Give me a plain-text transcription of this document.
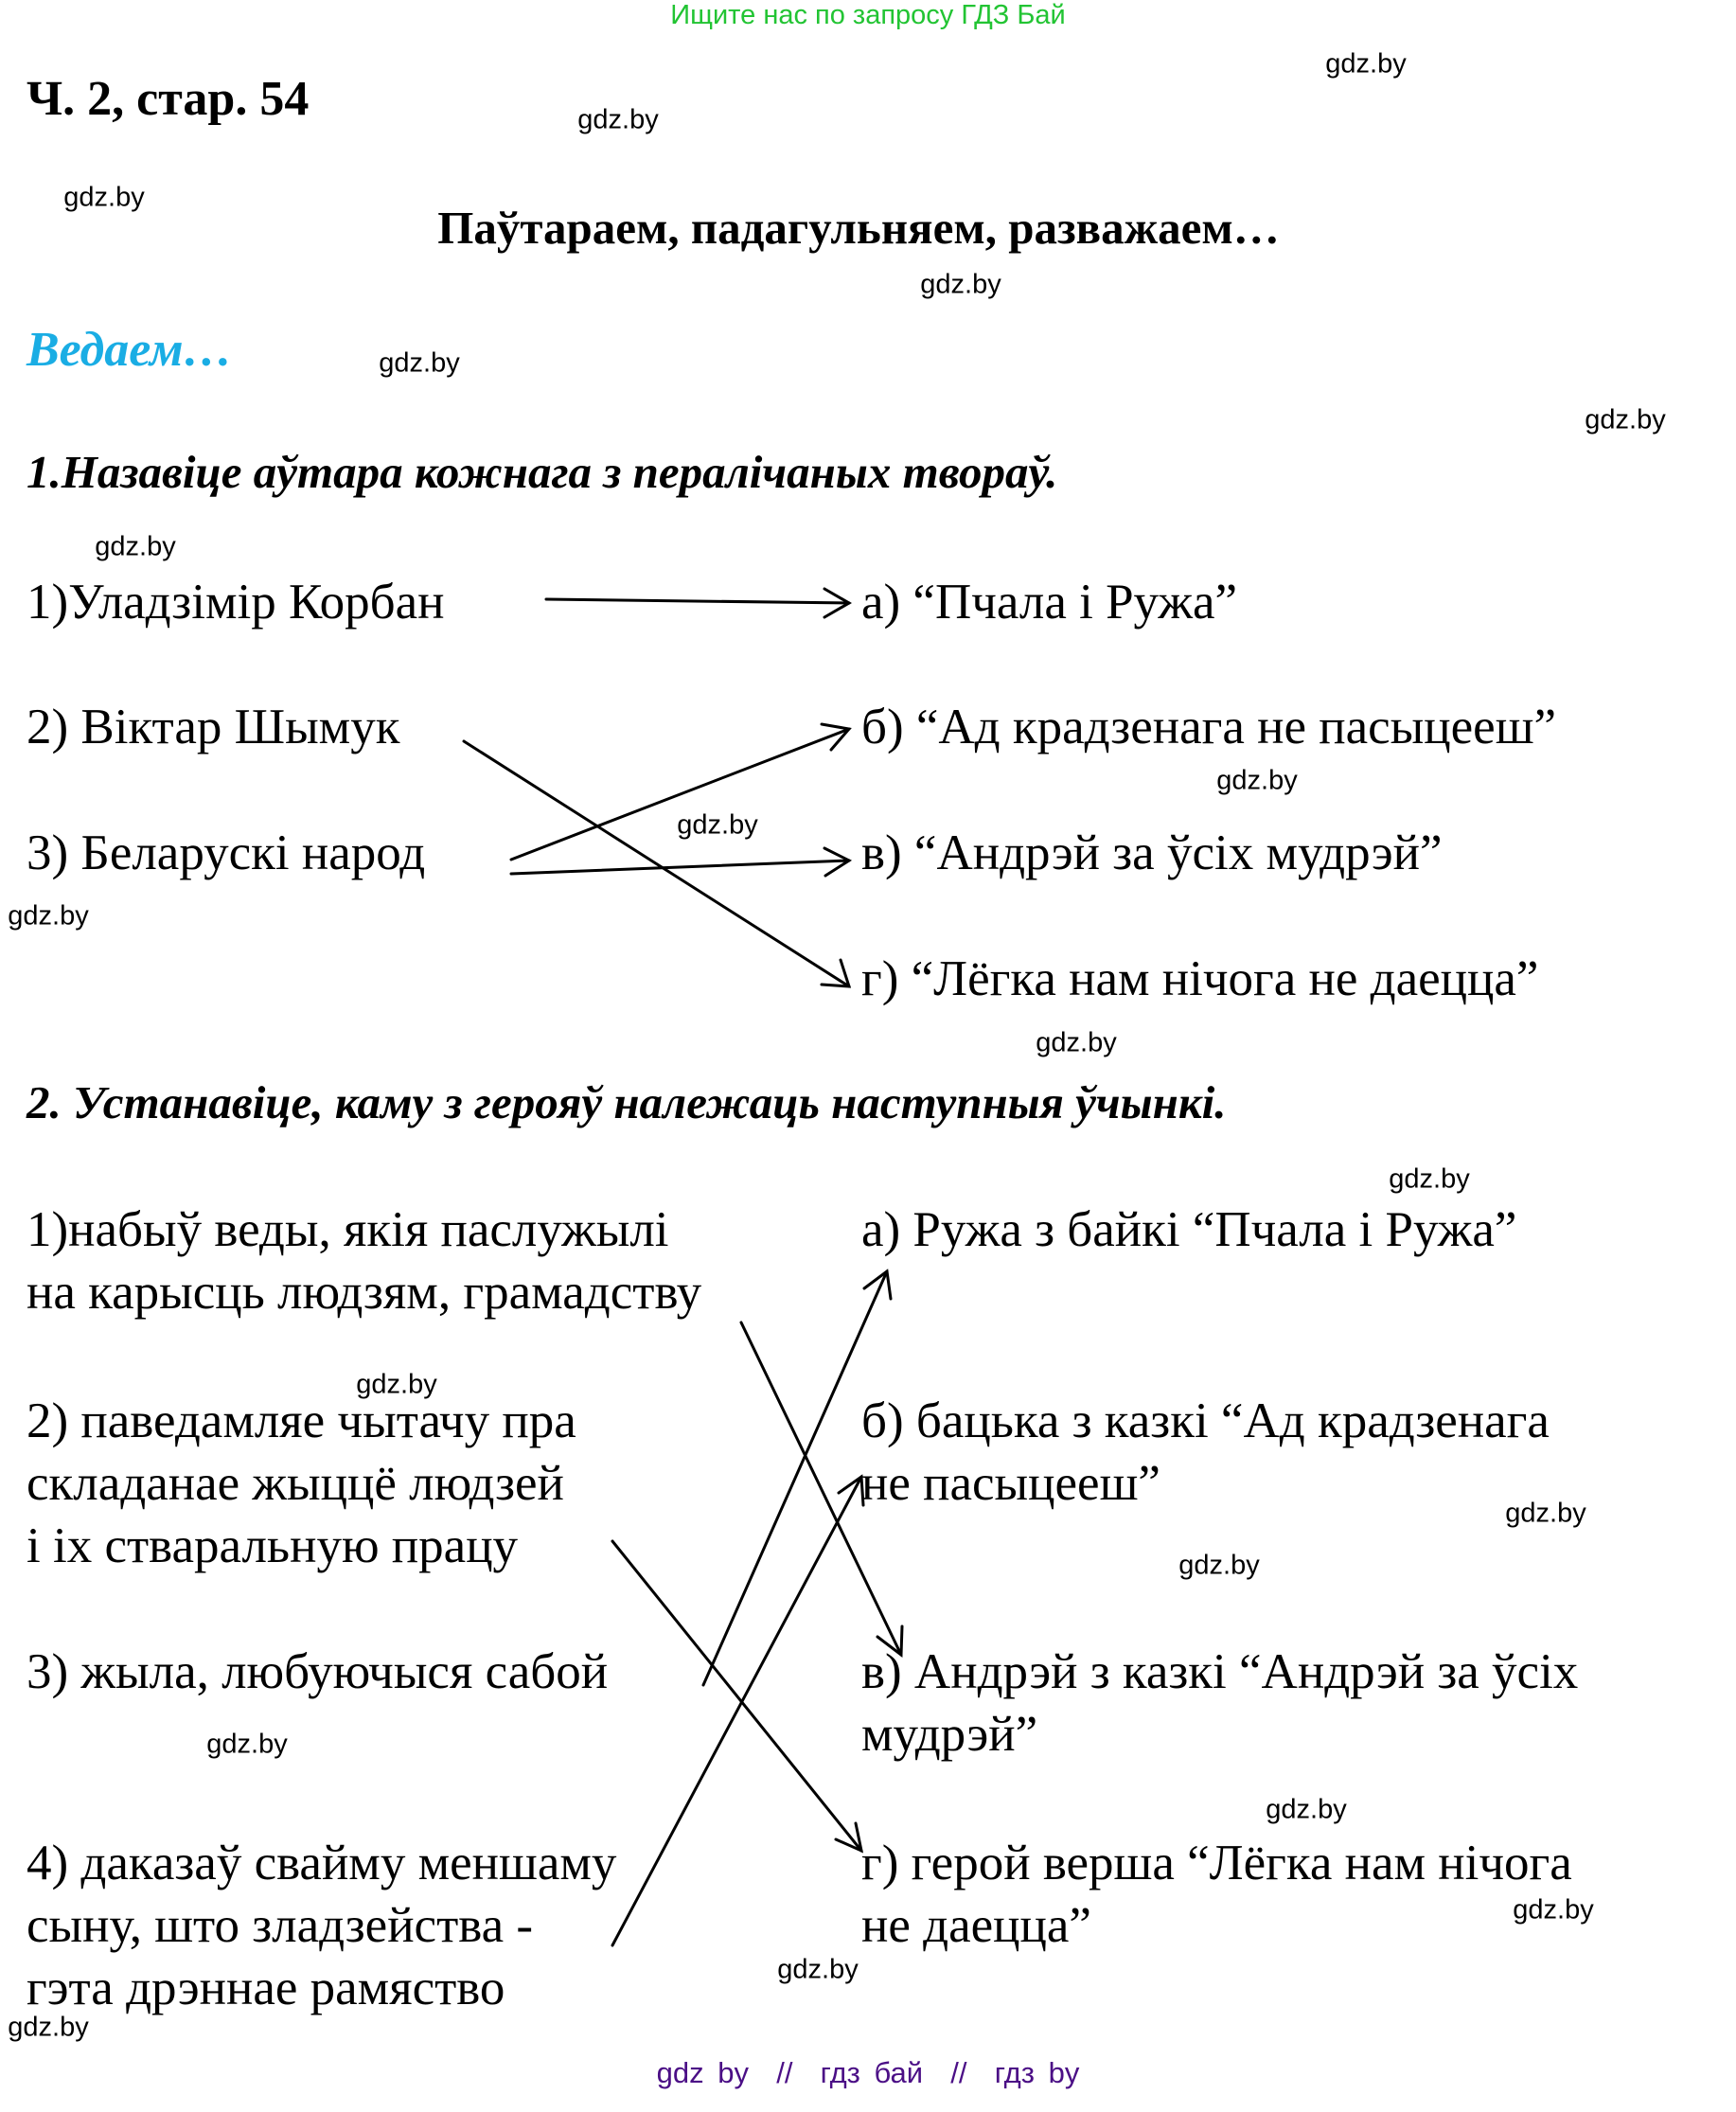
Ищите нас по запросу ГДЗ Бай
Ч. 2, стар. 54
Паўтараем, падагульняем, разважаем…
Ведаем…
1.Назавіце аўтара кожнага з пералічаных твораў.
1)Уладзімір Корбан
2) Віктар Шымук
3) Беларускі народ
а) “Пчала і Ружа”
б) “Ад крадзенага не пасыцееш”
в) “Андрэй за ўсіх мудрэй”
г) “Лёгка нам нічога не даецца”
2. Устанавіце, каму з герояў належаць наступныя ўчынкі.
1)набыў веды, якія паслужылі
на карысць людзям, грамадству
2) паведамляе чытачу пра
складанае жыццё людзей
і іх стваральную працу
3) жыла, любуючыся сабой
4) даказаў свайму меншаму
сыну, што зладзейства -
гэта дрэннае рамяство
а) Ружа з байкі “Пчала і Ружа”
б) бацька з казкі “Ад крадзенага
не пасыцееш”
в) Андрэй з казкі “Андрэй за ўсіх
мудрэй”
г) герой верша “Лёгка нам нічога
не даецца”
gdz.by
gdz.by
gdz.by
gdz.by
gdz.by
gdz.by
gdz.by
gdz.by
gdz.by
gdz.by
gdz.by
gdz.by
gdz.by
gdz.by
gdz.by
gdz.by
gdz.by
gdz.by
gdz.by
gdz.by
gdz by  //  гдз бай  //  гдз by
